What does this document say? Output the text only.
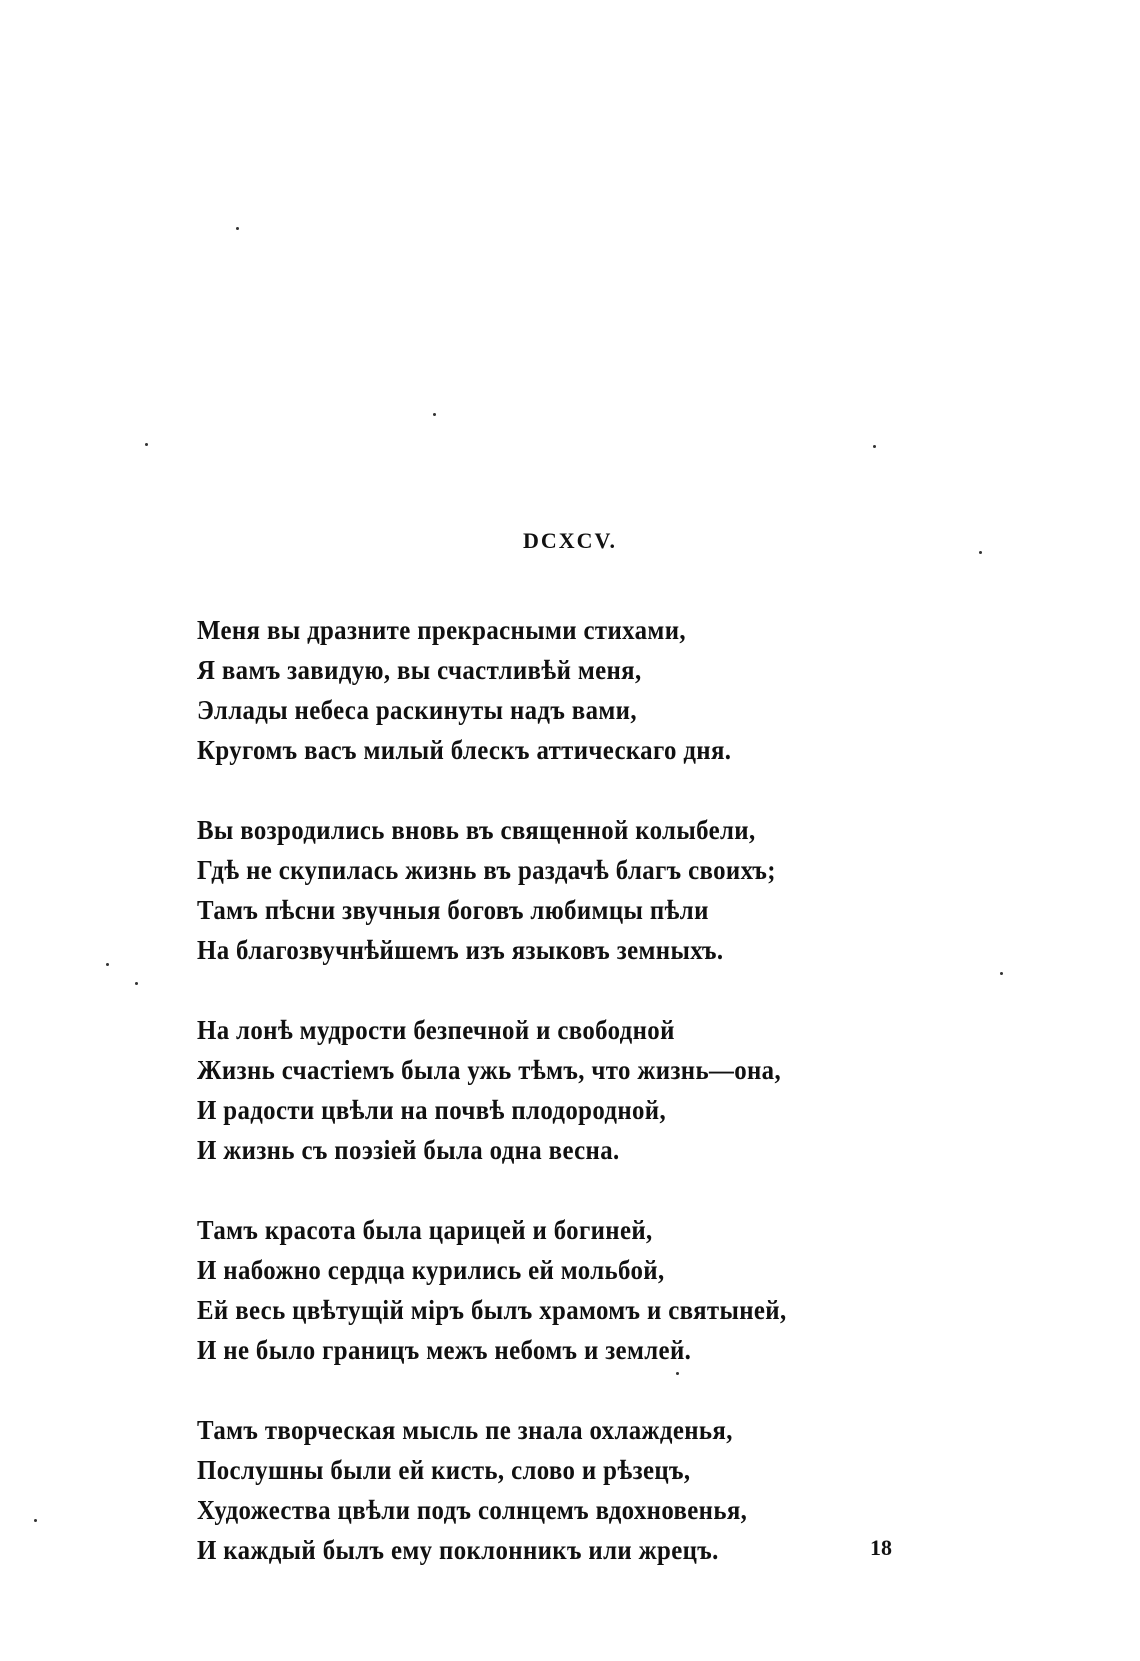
DCXCV.
Меня вы дразните прекрасными стихами,
Я вамъ завидую, вы счастливѣй меня,
Эллады небеса раскинуты надъ вами,
Кругомъ васъ милый блескъ аттическаго дня.
Вы возродились вновь въ священной колыбели,
Гдѣ не скупилась жизнь въ раздачѣ благъ своихъ;
Тамъ пѣсни звучныя боговъ любимцы пѣли
На благозвучнѣйшемъ изъ языковъ земныхъ.
На лонѣ мудрости безпечной и свободной
Жизнь счастіемъ была ужь тѣмъ, что жизнь—она,
И радости цвѣли на почвѣ плодородной,
И жизнь съ поэзіей была одна весна.
Тамъ красота была царицей и богиней,
И набожно сердца курились ей мольбой,
Ей весь цвѣтущій міръ былъ храмомъ и святыней,
И не было границъ межъ небомъ и землей.
Тамъ творческая мысль пе знала охлажденья,
Послушны были ей кисть, слово и рѣзецъ,
Художества цвѣли подъ солнцемъ вдохновенья,
И каждый былъ ему поклонникъ или жрецъ.	18
